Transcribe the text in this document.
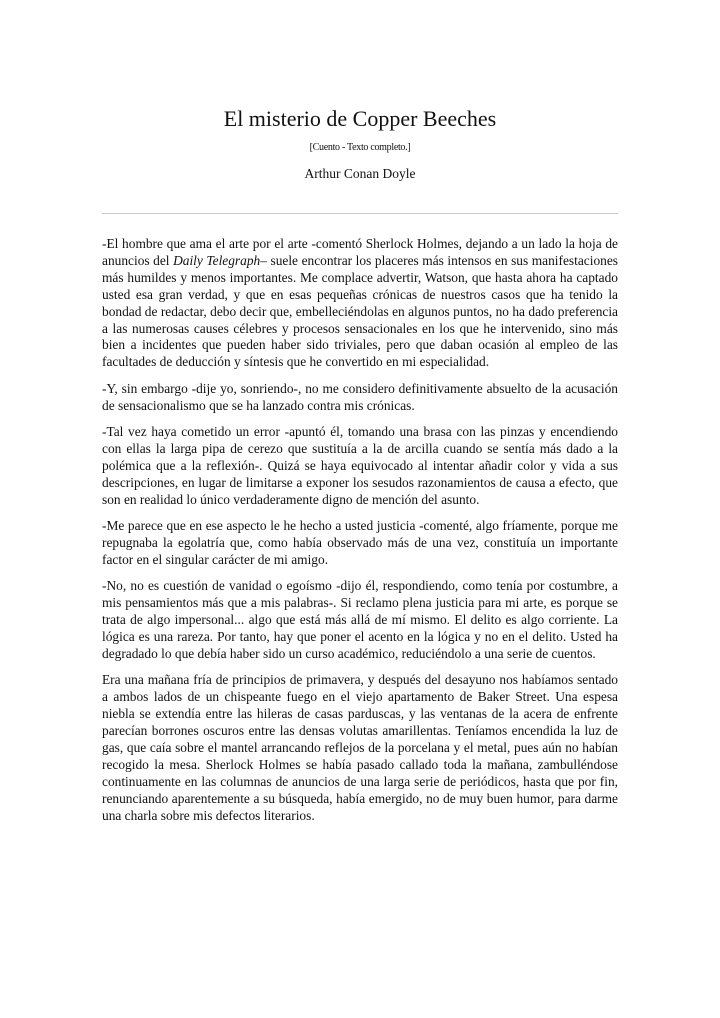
El misterio de Copper Beeches
[Cuento - Texto completo.]
Arthur Conan Doyle

-El hombre que ama el arte por el arte -comentó Sherlock Holmes, dejando a un lado la hoja de anuncios del Daily Telegraph– suele encontrar los placeres más intensos en sus manifestaciones más humildes y menos importantes. Me complace advertir, Watson, que hasta ahora ha captado usted esa gran verdad, y que en esas pequeñas crónicas de nuestros casos que ha tenido la bondad de redactar, debo decir que, embelleciéndolas en algunos puntos, no ha dado preferencia a las numerosas causes célebres y procesos sensacionales en los que he intervenido, sino más bien a incidentes que pueden haber sido triviales, pero que daban ocasión al empleo de las facultades de deducción y síntesis que he convertido en mi especialidad.

-Y, sin embargo -dije yo, sonriendo-, no me considero definitivamente absuelto de la acusación de sensacionalismo que se ha lanzado contra mis crónicas.

-Tal vez haya cometido un error -apuntó él, tomando una brasa con las pinzas y encendiendo con ellas la larga pipa de cerezo que sustituía a la de arcilla cuando se sentía más dado a la polémica que a la reflexión-. Quizá se haya equivocado al intentar añadir color y vida a sus descripciones, en lugar de limitarse a exponer los sesudos razonamientos de causa a efecto, que son en realidad lo único verdaderamente digno de mención del asunto.

-Me parece que en ese aspecto le he hecho a usted justicia -comenté, algo fríamente, porque me repugnaba la egolatría que, como había observado más de una vez, constituía un importante factor en el singular carácter de mi amigo.

-No, no es cuestión de vanidad o egoísmo -dijo él, respondiendo, como tenía por costumbre, a mis pensamientos más que a mis palabras-. Si reclamo plena justicia para mi arte, es porque se trata de algo impersonal... algo que está más allá de mí mismo. El delito es algo corriente. La lógica es una rareza. Por tanto, hay que poner el acento en la lógica y no en el delito. Usted ha degradado lo que debía haber sido un curso académico, reduciéndolo a una serie de cuentos.

Era una mañana fría de principios de primavera, y después del desayuno nos habíamos sentado a ambos lados de un chispeante fuego en el viejo apartamento de Baker Street. Una espesa niebla se extendía entre las hileras de casas parduscas, y las ventanas de la acera de enfrente parecían borrones oscuros entre las densas volutas amarillentas. Teníamos encendida la luz de gas, que caía sobre el mantel arrancando reflejos de la porcelana y el metal, pues aún no habían recogido la mesa. Sherlock Holmes se había pasado callado toda la mañana, zambulléndose continuamente en las columnas de anuncios de una larga serie de periódicos, hasta que por fin, renunciando aparentemente a su búsqueda, había emergido, no de muy buen humor, para darme una charla sobre mis defectos literarios.
